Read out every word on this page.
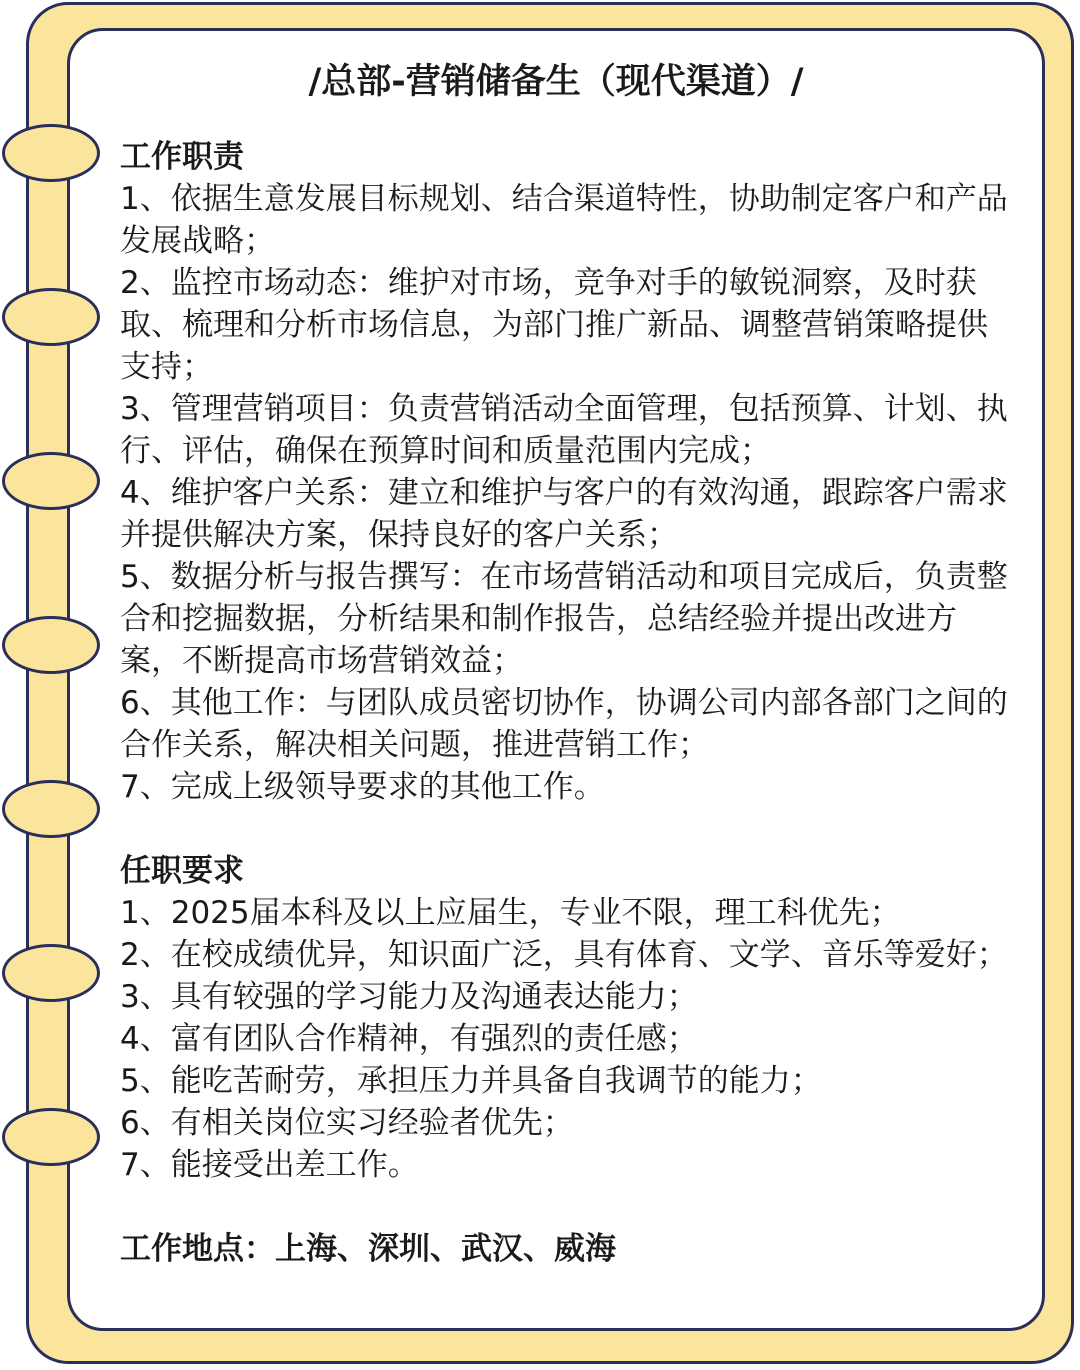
/总部-营销储备生（现代渠道）/
工作职责
1、依据生意发展目标规划、结合渠道特性，协助制定客户和产品发展战略；
2、监控市场动态：维护对市场，竞争对手的敏锐洞察，及时获取、梳理和分析市场信息，为部门推广新品、调整营销策略提供支持；
3、管理营销项目：负责营销活动全面管理，包括预算、计划、执行、评估，确保在预算时间和质量范围内完成；
4、维护客户关系：建立和维护与客户的有效沟通，跟踪客户需求并提供解决方案，保持良好的客户关系；
5、数据分析与报告撰写：在市场营销活动和项目完成后，负责整合和挖掘数据，分析结果和制作报告，总结经验并提出改进方案，不断提高市场营销效益；
6、其他工作：与团队成员密切协作，协调公司内部各部门之间的合作关系，解决相关问题，推进营销工作；
7、完成上级领导要求的其他工作。
任职要求
1、2025届本科及以上应届生，专业不限，理工科优先；
2、在校成绩优异，知识面广泛，具有体育、文学、音乐等爱好；
3、具有较强的学习能力及沟通表达能力；
4、富有团队合作精神，有强烈的责任感；
5、能吃苦耐劳，承担压力并具备自我调节的能力；
6、有相关岗位实习经验者优先；
7、能接受出差工作。
工作地点：上海、深圳、武汉、威海
